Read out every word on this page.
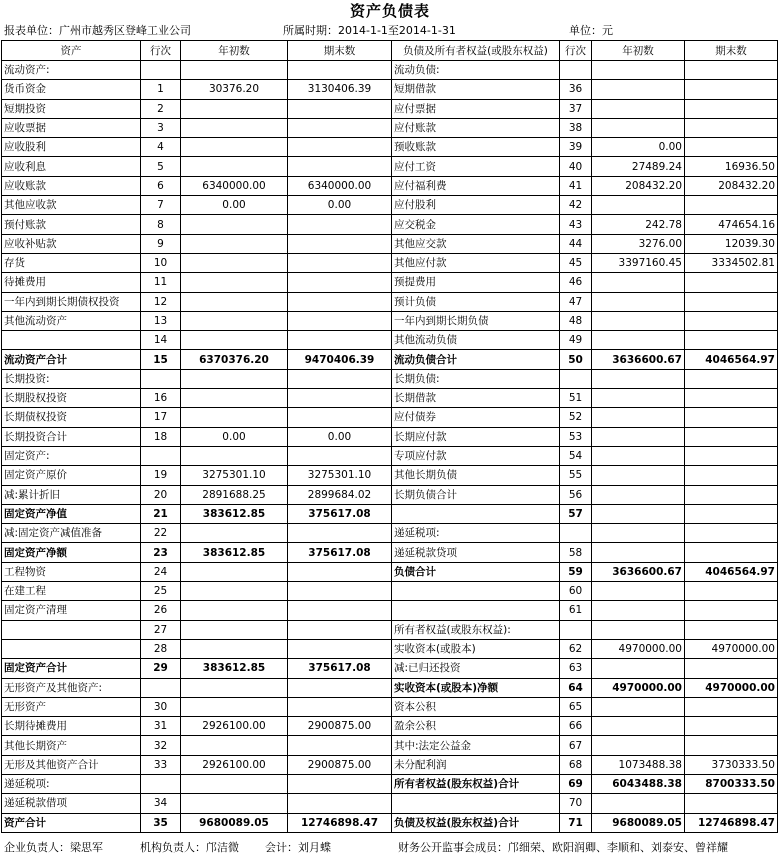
资产负债表
报表单位：广州市越秀区登峰工业公司	所属时期：2014-1-1至2014-1-31	单位：元
资产	行次	年初数	期末数	负债及所有者权益(或股东权益)	行次	年初数	期末数
流动资产:				流动负债:			
货币资金	1	30376.20	3130406.39	短期借款	36		
短期投资	2			应付票据	37		
应收票据	3			应付账款	38		
应收股利	4			预收账款	39	0.00	
应收利息	5			应付工资	40	27489.24	16936.50
应收账款	6	6340000.00	6340000.00	应付福利费	41	208432.20	208432.20
其他应收款	7	0.00	0.00	应付股利	42		
预付账款	8			应交税金	43	242.78	474654.16
应收补贴款	9			其他应交款	44	3276.00	12039.30
存货	10			其他应付款	45	3397160.45	3334502.81
待摊费用	11			预提费用	46		
一年内到期长期债权投资	12			预计负债	47		
其他流动资产	13			一年内到期长期负债	48		
	14			其他流动负债	49		
流动资产合计	15	6370376.20	9470406.39	流动负债合计	50	3636600.67	4046564.97
长期投资:				长期负债:			
长期股权投资	16			长期借款	51		
长期债权投资	17			应付债券	52		
长期投资合计	18	0.00	0.00	长期应付款	53		
固定资产:				专项应付款	54		
固定资产原价	19	3275301.10	3275301.10	其他长期负债	55		
减:累计折旧	20	2891688.25	2899684.02	长期负债合计	56		
固定资产净值	21	383612.85	375617.08		57		
减:固定资产减值准备	22			递延税项:			
固定资产净额	23	383612.85	375617.08	递延税款贷项	58		
工程物资	24			负债合计	59	3636600.67	4046564.97
在建工程	25				60		
固定资产清理	26				61		
	27			所有者权益(或股东权益):			
	28			实收资本(或股本)	62	4970000.00	4970000.00
固定资产合计	29	383612.85	375617.08	减:已归还投资	63		
无形资产及其他资产:				实收资本(或股本)净额	64	4970000.00	4970000.00
无形资产	30			资本公积	65		
长期待摊费用	31	2926100.00	2900875.00	盈余公积	66		
其他长期资产	32			其中:法定公益金	67		
无形及其他资产合计	33	2926100.00	2900875.00	未分配利润	68	1073488.38	3730333.50
递延税项:				所有者权益(股东权益)合计	69	6043488.38	8700333.50
递延税款借项	34				70		
资产合计	35	9680089.05	12746898.47	负债及权益(股东权益)合计	71	9680089.05	12746898.47
企业负责人：梁思军	机构负责人：邝洁微 会计：刘月蝶	财务公开监事会成员：邝细荣、欧阳润卿、李顺和、刘泰安、曾祥耀
